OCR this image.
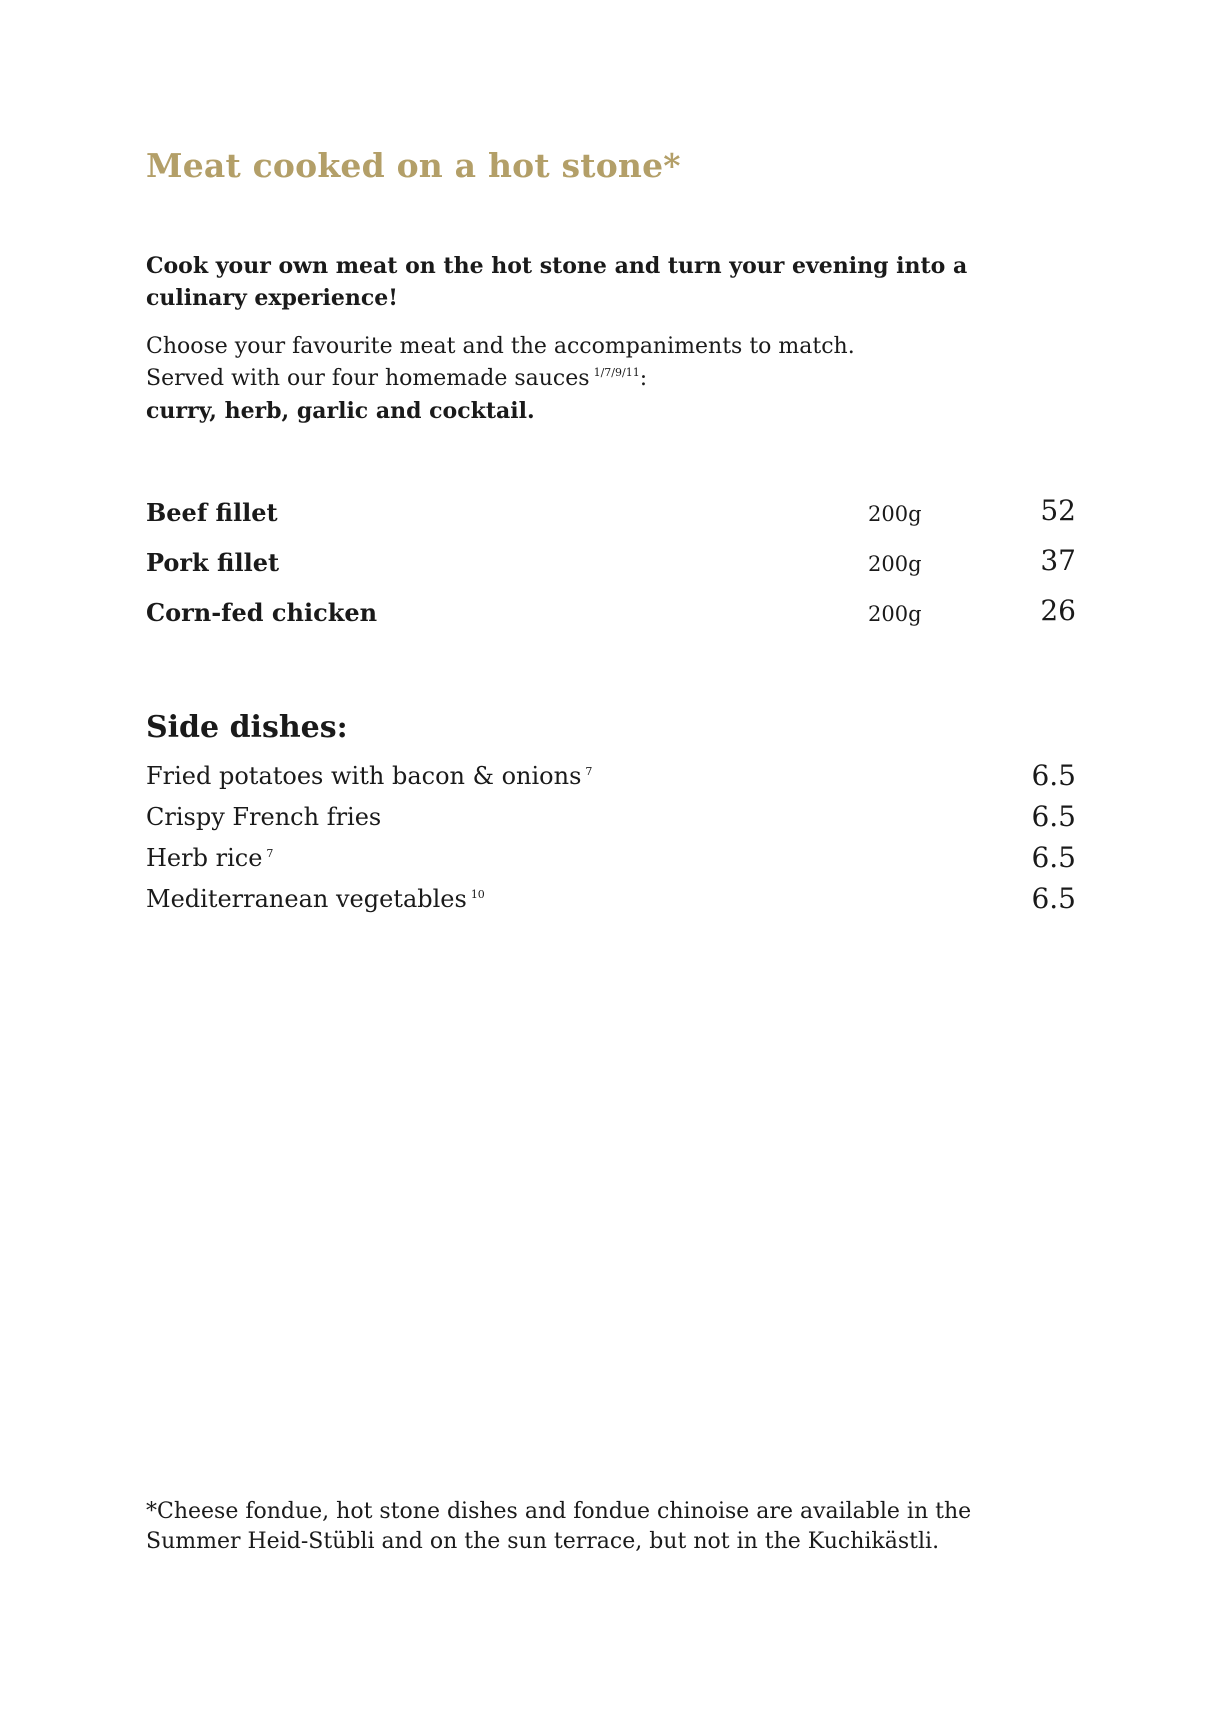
Meat cooked on a hot stone*

Cook your own meat on the hot stone and turn your evening into a culinary experience!

Choose your favourite meat and the accompaniments to match.
Served with our four homemade sauces $^{1/7/9/11}$:
curry, herb, garlic and cocktail.

Beef fillet	200g	52
Pork fillet	200g	37
Corn-fed chicken	200g	26
Side dishes:
Fried potatoes with bacon & onions $^7$	6.5
Crispy French fries	6.5
Herb rice $^7$	6.5
Mediterranean vegetables $^{10}$	6.5

*Cheese fondue, hot stone dishes and fondue chinoise are available in the Summer Heid-Stübli and on the sun terrace, but not in the Kuchikästli.
